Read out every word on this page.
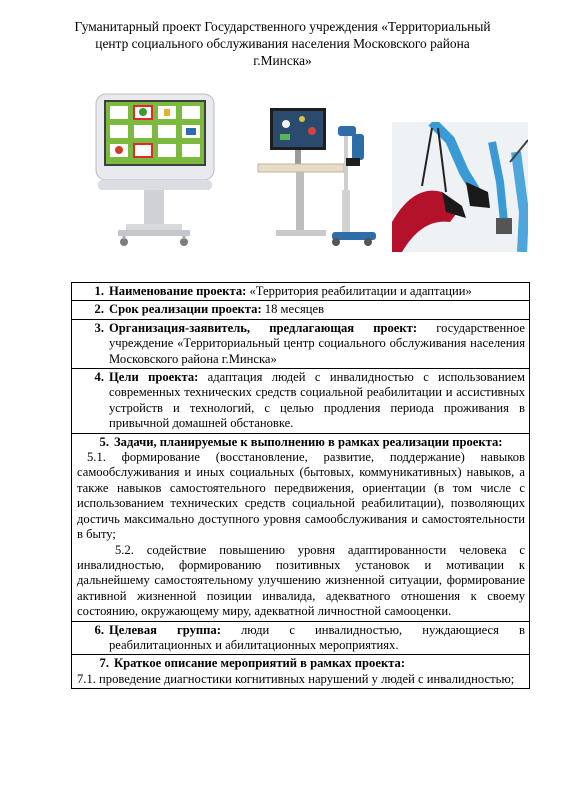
Гуманитарный проект Государственного учреждения «Территориальный
центр социального обслуживания населения Московского района
г.Минска»
1. Наименование проекта: «Территория реабилитации и адаптации»
2. Срок реализации проекта: 18 месяцев
3. Организация-заявитель, предлагающая проект: государственное учреждение «Территориальный центр социального обслуживания населения Московского района г.Минска»
4. Цели проекта: адаптация людей с инвалидностью с использованием современных технических средств социальной реабилитации и ассистивных устройств и технологий, с целью продления периода проживания в привычной домашней обстановке.

5. Задачи, планируемые к выполнению в рамках реализации проекта:
5.1. формирование (восстановление, развитие, поддержание) навыков самообслуживания и иных социальных (бытовых, коммуникативных) навыков, а также навыков самостоятельного передвижения, ориентации (в том числе с использованием технических средств социальной реабилитации), позволяющих достичь максимально доступного уровня самообслуживания и самостоятельности в быту;
5.2. содействие повышению уровня адаптированности человека с инвалидностью, формированию позитивных установок и мотивации к дальнейшему самостоятельному улучшению жизненной ситуации, формирование активной жизненной позиции инвалида, адекватного отношения к своему состоянию, окружающему миру, адекватной личностной самооценки.

6. Целевая группа: люди с инвалидностью, нуждающиеся в реабилитационных и абилитационных мероприятиях.

7. Краткое описание мероприятий в рамках проекта:
7.1. проведение диагностики когнитивных нарушений у людей с инвалидностью;
